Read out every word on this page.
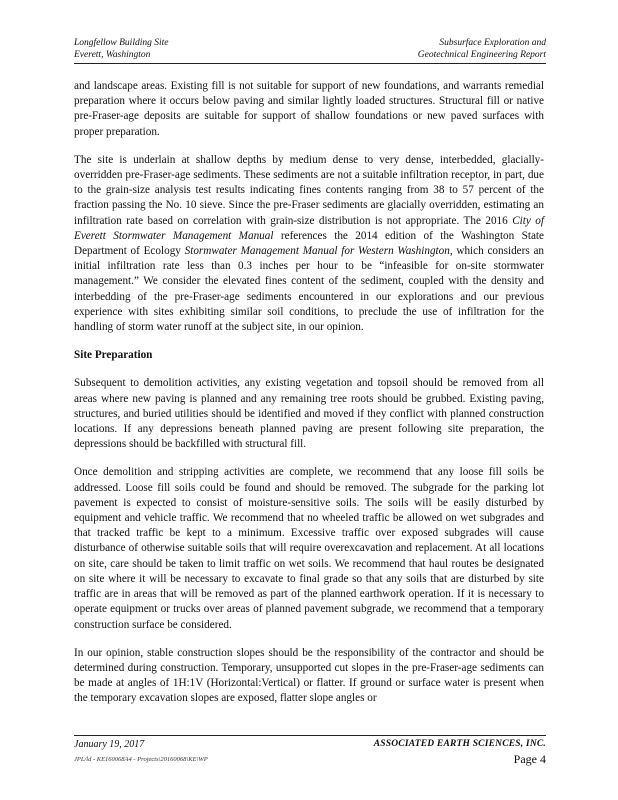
Longfellow Building Site
Everett, Washington
Subsurface Exploration and
Geotechnical Engineering Report

and landscape areas. Existing fill is not suitable for support of new foundations, and warrants remedial preparation where it occurs below paving and similar lightly loaded structures. Structural fill or native pre-Fraser-age deposits are suitable for support of shallow foundations or new paved surfaces with proper preparation.

The site is underlain at shallow depths by medium dense to very dense, interbedded, glacially-overridden pre-Fraser-age sediments. These sediments are not a suitable infiltration receptor, in part, due to the grain-size analysis test results indicating fines contents ranging from 38 to 57 percent of the fraction passing the No. 10 sieve. Since the pre-Fraser sediments are glacially overridden, estimating an infiltration rate based on correlation with grain-size distribution is not appropriate. The 2016 City of Everett Stormwater Management Manual references the 2014 edition of the Washington State Department of Ecology Stormwater Management Manual for Western Washington, which considers an initial infiltration rate less than 0.3 inches per hour to be “infeasible for on-site stormwater management.” We consider the elevated fines content of the sediment, coupled with the density and interbedding of the pre-Fraser-age sediments encountered in our explorations and our previous experience with sites exhibiting similar soil conditions, to preclude the use of infiltration for the handling of storm water runoff at the subject site, in our opinion.

Site Preparation

Subsequent to demolition activities, any existing vegetation and topsoil should be removed from all areas where new paving is planned and any remaining tree roots should be grubbed. Existing paving, structures, and buried utilities should be identified and moved if they conflict with planned construction locations. If any depressions beneath planned paving are present following site preparation, the depressions should be backfilled with structural fill.

Once demolition and stripping activities are complete, we recommend that any loose fill soils be addressed. Loose fill soils could be found and should be removed. The subgrade for the parking lot pavement is expected to consist of moisture-sensitive soils. The soils will be easily disturbed by equipment and vehicle traffic. We recommend that no wheeled traffic be allowed on wet subgrades and that tracked traffic be kept to a minimum. Excessive traffic over exposed subgrades will cause disturbance of otherwise suitable soils that will require overexcavation and replacement. At all locations on site, care should be taken to limit traffic on wet soils. We recommend that haul routes be designated on site where it will be necessary to excavate to final grade so that any soils that are disturbed by site traffic are in areas that will be removed as part of the planned earthwork operation. If it is necessary to operate equipment or trucks over areas of planned pavement subgrade, we recommend that a temporary construction surface be considered.

In our opinion, stable construction slopes should be the responsibility of the contractor and should be determined during construction. Temporary, unsupported cut slopes in the pre-Fraser-age sediments can be made at angles of 1H:1V (Horizontal:Vertical) or flatter. If ground or surface water is present when the temporary excavation slopes are exposed, flatter slope angles or

January 19, 2017
JPL/ld - KE160068A4 - Projects\20160068\KE\WP
ASSOCIATED EARTH SCIENCES, INC.
Page 4
